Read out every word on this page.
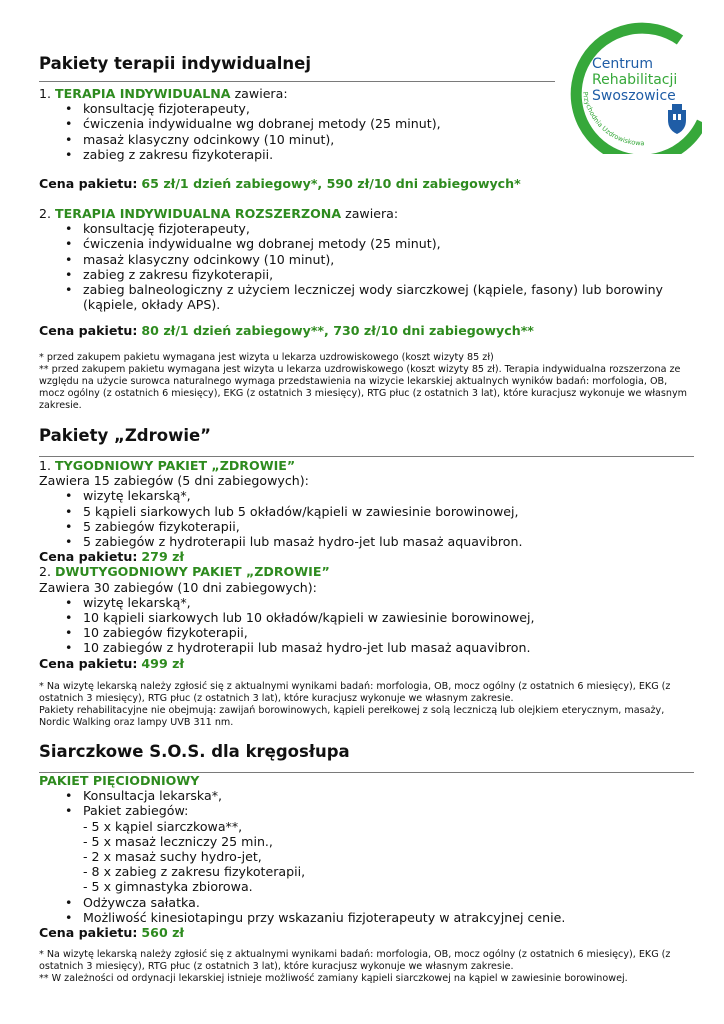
Przychodnia Uzdrowiskowa
Centrum
Rehabilitacji
Swoszowice
Pakiety terapii indywidualnej

1. TERAPIA INDYWIDUALNA zawiera:

• konsultację fizjoterapeuty,
• ćwiczenia indywidualne wg dobranej metody (25 minut),
• masaż klasyczny odcinkowy (10 minut),
• zabieg z zakresu fizykoterapii.

Cena pakietu: 65 zł/1 dzień zabiegowy*, 590 zł/10 dni zabiegowych*

2. TERAPIA INDYWIDUALNA ROZSZERZONA zawiera:

• konsultację fizjoterapeuty,
• ćwiczenia indywidualne wg dobranej metody (25 minut),
• masaż klasyczny odcinkowy (10 minut),
• zabieg z zakresu fizykoterapii,
• zabieg balneologiczny z użyciem leczniczej wody siarczkowej (kąpiele, fasony) lub borowiny (kąpiele, okłady APS).

Cena pakietu: 80 zł/1 dzień zabiegowy**, 730 zł/10 dni zabiegowych**

* przed zakupem pakietu wymagana jest wizyta u lekarza uzdrowiskowego (koszt wizyty 85 zł)

** przed zakupem pakietu wymagana jest wizyta u lekarza uzdrowiskowego (koszt wizyty 85 zł). Terapia indywidualna rozszerzona ze względu na użycie surowca naturalnego wymaga przedstawienia na wizycie lekarskiej aktualnych wyników badań: morfologia, OB, mocz ogólny (z ostatnich 6 miesięcy), EKG (z ostatnich 3 miesięcy), RTG płuc (z ostatnich 3 lat), które kuracjusz wykonuje we własnym zakresie.

Pakiety „Zdrowie”

1. TYGODNIOWY PAKIET „ZDROWIE”

Zawiera 15 zabiegów (5 dni zabiegowych):

• wizytę lekarską*,
• 5 kąpieli siarkowych lub 5 okładów/kąpieli w zawiesinie borowinowej,
• 5 zabiegów fizykoterapii,
• 5 zabiegów z hydroterapii lub masaż hydro-jet lub masaż aquavibron.

Cena pakietu: 279 zł

2. DWUTYGODNIOWY PAKIET „ZDROWIE”

Zawiera 30 zabiegów (10 dni zabiegowych):

• wizytę lekarską*,
• 10 kąpieli siarkowych lub 10 okładów/kąpieli w zawiesinie borowinowej,
• 10 zabiegów fizykoterapii,
• 10 zabiegów z hydroterapii lub masaż hydro-jet lub masaż aquavibron.

Cena pakietu: 499 zł

* Na wizytę lekarską należy zgłosić się z aktualnymi wynikami badań: morfologia, OB, mocz ogólny (z ostatnich 6 miesięcy), EKG (z ostatnich 3 miesięcy), RTG płuc (z ostatnich 3 lat), które kuracjusz wykonuje we własnym zakresie.

Pakiety rehabilitacyjne nie obejmują: zawijań borowinowych, kąpieli perełkowej z solą leczniczą lub olejkiem eterycznym, masaży, Nordic Walking oraz lampy UVB 311 nm.

Siarczkowe S.O.S. dla kręgosłupa

PAKIET PIĘCIODNIOWY

• Konsultacja lekarska*,
• Pakiet zabiegów:

- 5 x kąpiel siarczkowa**,

- 5 x masaż leczniczy 25 min.,

- 2 x masaż suchy hydro-jet,

- 8 x zabieg z zakresu fizykoterapii,

- 5 x gimnastyka zbiorowa.

• Odżywcza sałatka.
• Możliwość kinesiotapingu przy wskazaniu fizjoterapeuty w atrakcyjnej cenie.

Cena pakietu: 560 zł

* Na wizytę lekarską należy zgłosić się z aktualnymi wynikami badań: morfologia, OB, mocz ogólny (z ostatnich 6 miesięcy), EKG (z ostatnich 3 miesięcy), RTG płuc (z ostatnich 3 lat), które kuracjusz wykonuje we własnym zakresie.

** W zależności od ordynacji lekarskiej istnieje możliwość zamiany kąpieli siarczkowej na kąpiel w zawiesinie borowinowej.
